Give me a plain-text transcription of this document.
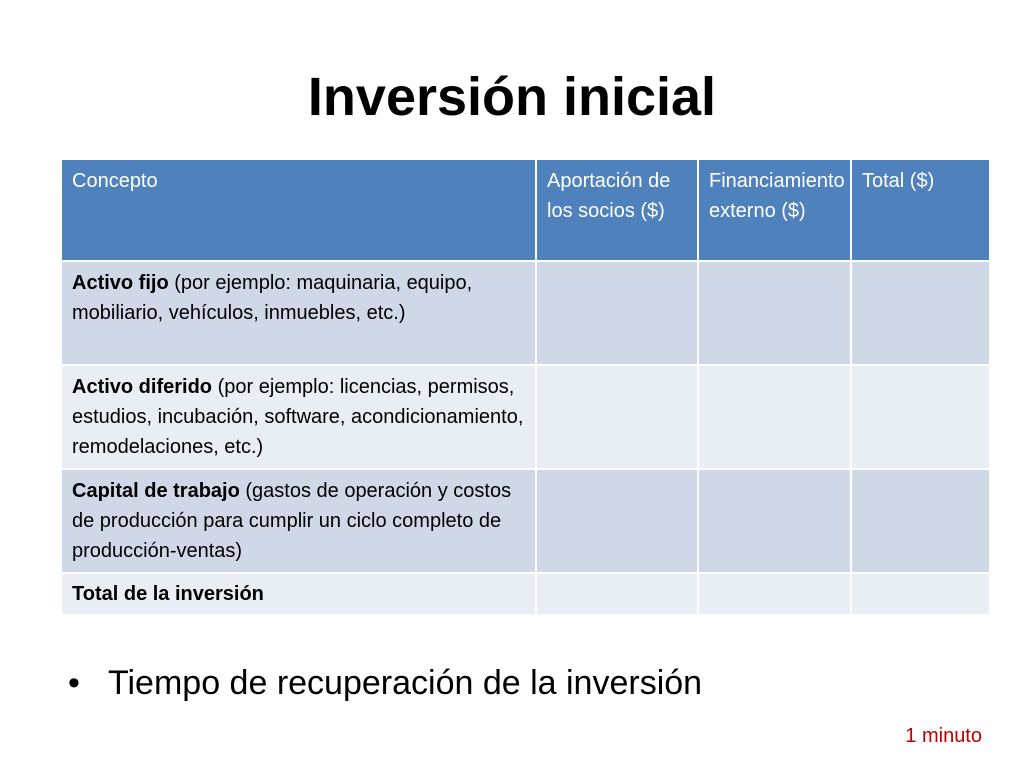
Inversión inicial
Concepto	Aportación de los socios ($)	Financiamiento externo ($)	Total ($)
Activo fijo (por ejemplo: maquinaria, equipo, mobiliario, vehículos, inmuebles, etc.)			
Activo diferido (por ejemplo: licencias, permisos, estudios, incubación, software, acondicionamiento, remodelaciones, etc.)			
Capital de trabajo (gastos de operación y costos de producción para cumplir un ciclo completo de producción-ventas)			
Total de la inversión			
• Tiempo de recuperación de la inversión
1 minuto
